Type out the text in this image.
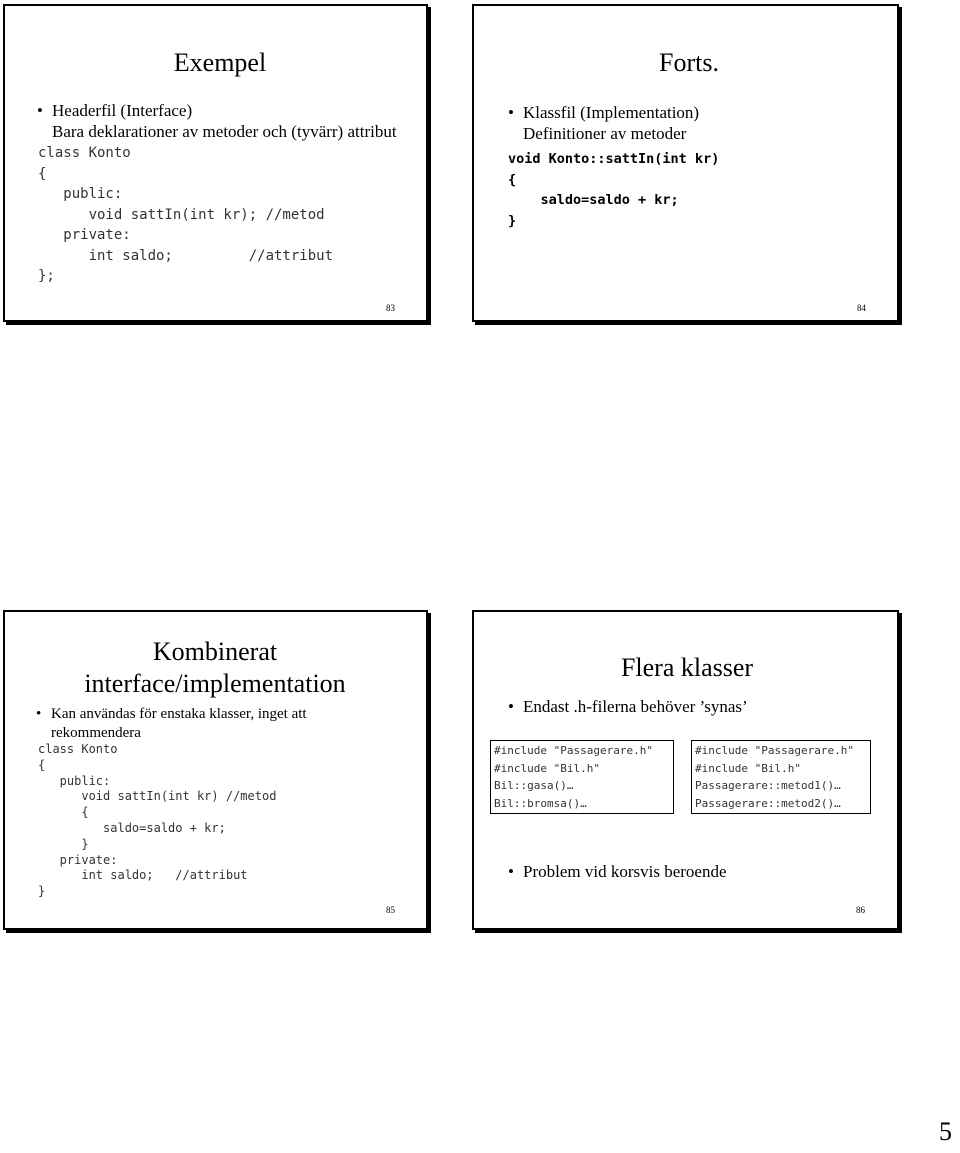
Exempel
• Headerfil (Interface)
Bara deklarationer av metoder och (tyvärr) attribut
class Konto
{
public:
void sattIn(int kr); //metod
private:
int saldo;         //attribut
};
83
Forts.
• Klassfil (Implementation)
Definitioner av metoder
void Konto::sattIn(int kr)
{
saldo=saldo + kr;
}
84
Kombinerat
interface/implementation
• Kan användas för enstaka klasser, inget att rekommendera
class Konto
{
public:
void sattIn(int kr) //metod
{
saldo=saldo + kr;
}
private:
int saldo;   //attribut
}
85
Flera klasser
• Endast .h-filerna behöver ’synas’
#include "Passagerare.h"
#include "Bil.h"
Bil::gasa()…
Bil::bromsa()…
#include "Passagerare.h"
#include "Bil.h"
Passagerare::metod1()…
Passagerare::metod2()…
• Problem vid korsvis beroende
86
5
